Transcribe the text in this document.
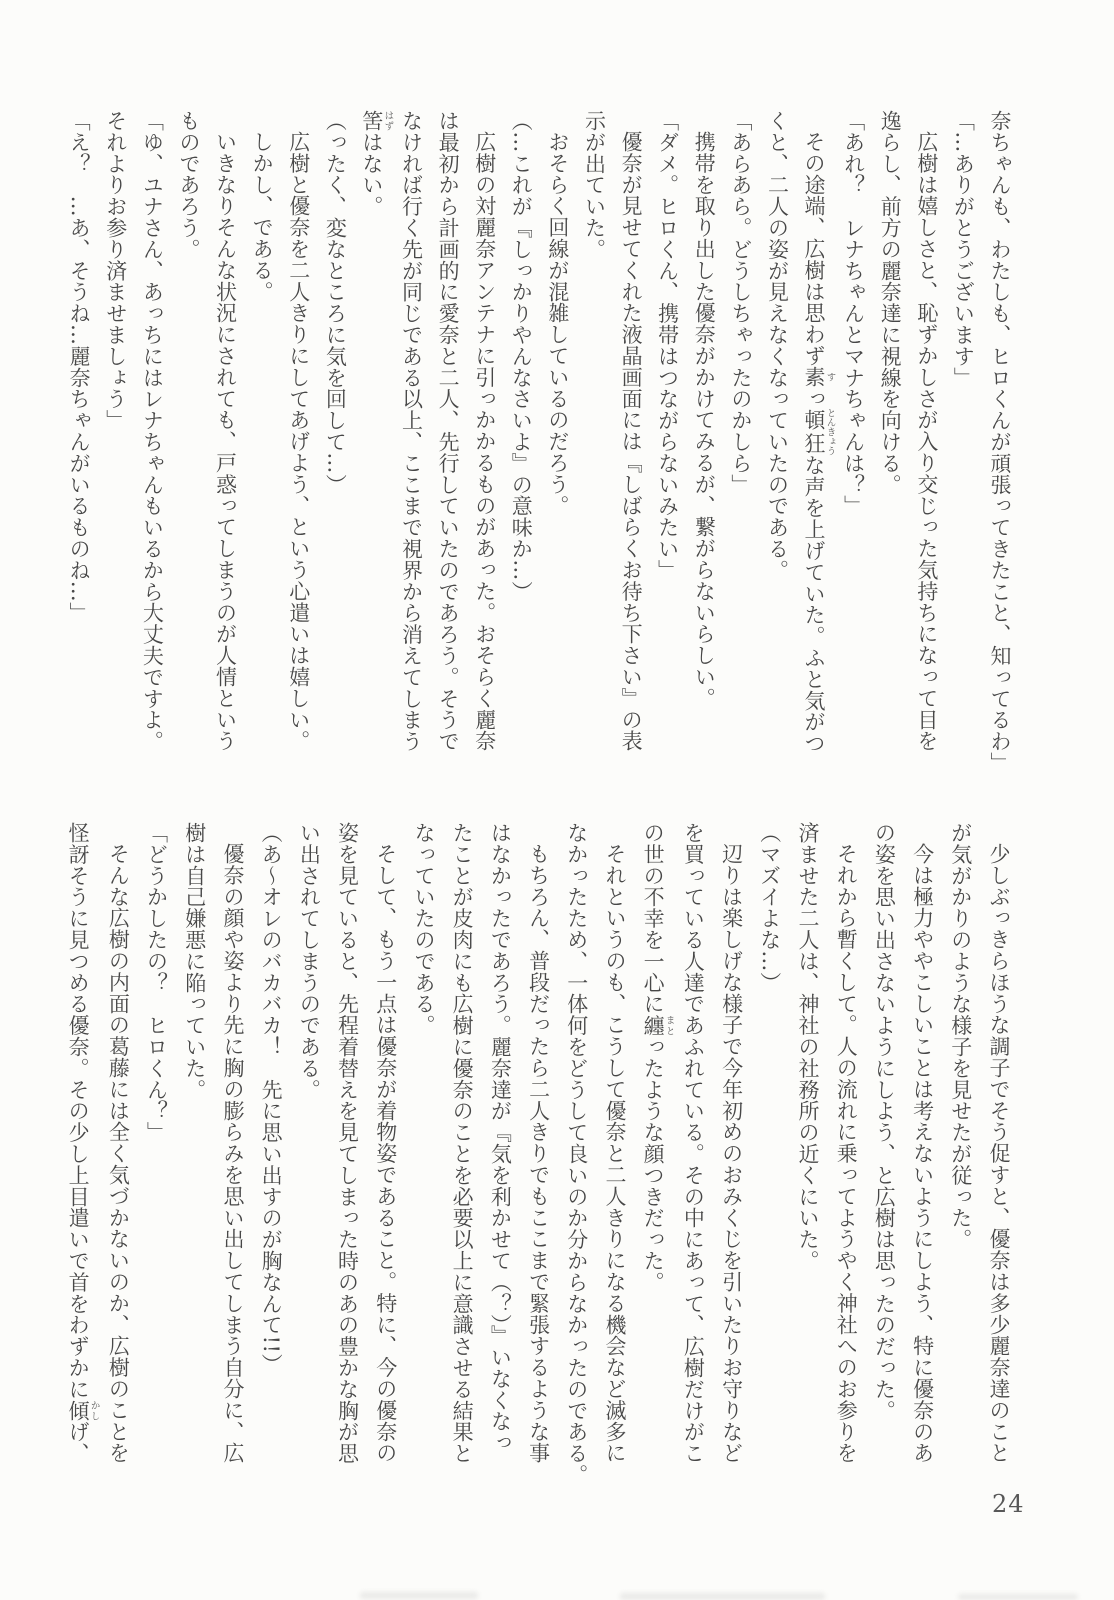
奈ちゃんも、わたしも、ヒロくんが頑張ってきたこと、知ってるわ」
「…ありがとうございます」
広樹は嬉しさと、恥ずかしさが入り交じった気持ちになって目を
逸らし、前方の麗奈達に視線を向ける。
「あれ？　レナちゃんとマナちゃんは？」
その途端、広樹は思わず素すっ頓狂とんきょうな声を上げていた。ふと気がつ
くと、二人の姿が見えなくなっていたのである。
「あらあら。どうしちゃったのかしら」
携帯を取り出した優奈がかけてみるが、繋がらないらしい。
「ダメ。ヒロくん、携帯はつながらないみたい」
優奈が見せてくれた液晶画面には『しばらくお待ち下さい』の表
示が出ていた。
おそらく回線が混雑しているのだろう。
（…これが『しっかりやんなさいよ』の意味か…）
広樹の対麗奈アンテナに引っかかるものがあった。おそらく麗奈
は最初から計画的に愛奈と二人、先行していたのであろう。そうで
なければ行く先が同じである以上、ここまで視界から消えてしまう
筈はずはない。
（ったく、変なところに気を回して…）
広樹と優奈を二人きりにしてあげよう、という心遣いは嬉しい。
しかし、である。
いきなりそんな状況にされても、戸惑ってしまうのが人情という
ものであろう。
「ゆ、ユナさん、あっちにはレナちゃんもいるから大丈夫ですよ。
それよりお参り済ませましょう」
「え？　…あ、そうね…麗奈ちゃんがいるものね…」
少しぶっきらほうな調子でそう促すと、優奈は多少麗奈達のこと
が気がかりのような様子を見せたが従った。
今は極力ややこしいことは考えないようにしよう、特に優奈のあ
の姿を思い出さないようにしよう、と広樹は思ったのだった。
それから暫くして。人の流れに乗ってようやく神社へのお参りを
済ませた二人は、神社の社務所の近くにいた。
（マズイよな…）
辺りは楽しげな様子で今年初めのおみくじを引いたりお守りなど
を買っている人達であふれている。その中にあって、広樹だけがこ
の世の不幸を一心に纏まとったような顔つきだった。
それというのも、こうして優奈と二人きりになる機会など滅多に
なかったため、一体何をどうして良いのか分からなかったのである。
もちろん、普段だったら二人きりでもここまで緊張するような事
はなかったであろう。麗奈達が『気を利かせて（？）』いなくなっ
たことが皮肉にも広樹に優奈のことを必要以上に意識させる結果と
なっていたのである。
そして、もう一点は優奈が着物姿であること。特に、今の優奈の
姿を見ていると、先程着替えを見てしまった時のあの豊かな胸が思
い出されてしまうのである。
（あ～オレのバカバカ！　先に思い出すのが胸なんて!!）
優奈の顔や姿より先に胸の膨らみを思い出してしまう自分に、広
樹は自己嫌悪に陥っていた。
「どうかしたの？　ヒロくん？」
そんな広樹の内面の葛藤には全く気づかないのか、広樹のことを
怪訝そうに見つめる優奈。その少し上目遣いで首をわずかに傾かしげ、
24
